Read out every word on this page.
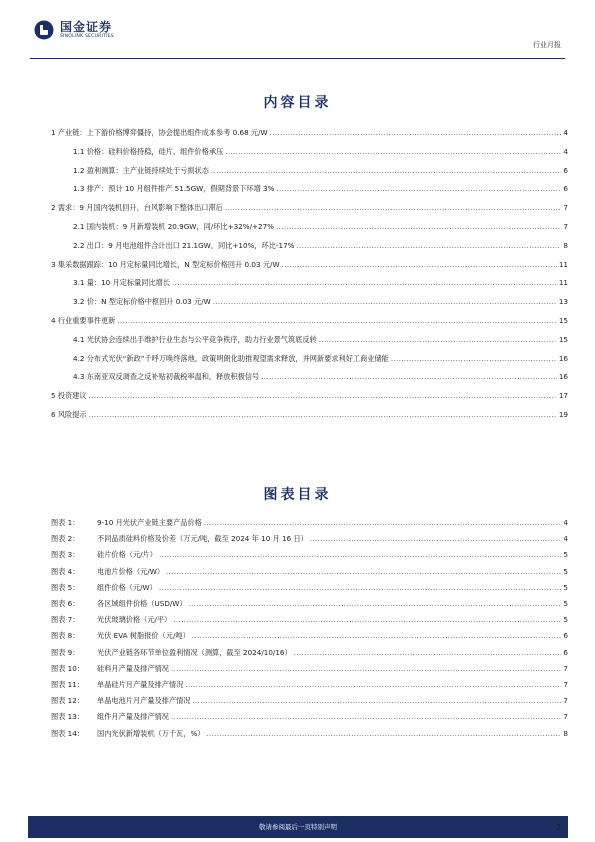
国金证券
SINOLINK SECURITIES
行业月报
内容目录
1 产业链：上下游价格博弈僵持，协会提出组件成本参考 0.68 元/W .....	4
1.1 价格：硅料价格持稳，硅片、组件价格承压 .....	4
1.2 盈利测算：主产业链持续处于亏损状态 .....	6
1.3 排产：预计 10 月组件排产 51.5GW，假期背景下环增 3% .....	6
2 需求：9 月国内装机回升，台风影响下整体出口滞后 .....	7
2.1 国内装机：9 月新增装机 20.9GW，同/环比+32%/+27% .....	7
2.2 出口：9 月电池组件合计出口 21.1GW，同比+10%，环比-17% .....	8
3 集采数据跟踪：10 月定标量同比增长，N 型定标价格回升 0.03 元/W .....	11
3.1 量：10 月定标量同比增长 .....	11
3.2 价：N 型定标价格中枢回升 0.03 元/W .....	13
4 行业重要事件更新 .....	15
4.1 光伏协会连续出手维护行业生态与公平竞争秩序，助力行业景气筑底反转 .....	15
4.2 分布式光伏“新政”千呼万唤终落地，政策明朗化助推观望需求释放，并网新要求利好工商业储能 .....	16
4.3 东南亚双反调查之反补贴初裁税率温和，释放积极信号 .....	16
5 投资建议 .....	17
6 风险提示 .....	19
图表目录
图表 1：	9-10 月光伏产业链主要产品价格 .....	4
图表 2：	不同品质硅料价格及价差（万元/吨，截至 2024 年 10 月 16 日） .....	4
图表 3：	硅片价格（元/片） .....	5
图表 4：	电池片价格（元/W） .....	5
图表 5：	组件价格（元/W） .....	5
图表 6：	各区域组件价格（USD/W） .....	5
图表 7：	光伏玻璃价格（元/平） .....	5
图表 8：	光伏 EVA 树脂报价（元/吨） .....	6
图表 9：	光伏产业链各环节单位盈利情况（测算，截至 2024/10/16） .....	6
图表 10：	硅料月产量及排产情况 .....	7
图表 11：	单晶硅片月产量及排产情况 .....	7
图表 12：	单晶电池片月产量及排产情况 .....	7
图表 13：	组件月产量及排产情况 .....	7
图表 14：	国内光伏新增装机（万千瓦，%） .....	8
敬请参阅最后一页特别声明	2
